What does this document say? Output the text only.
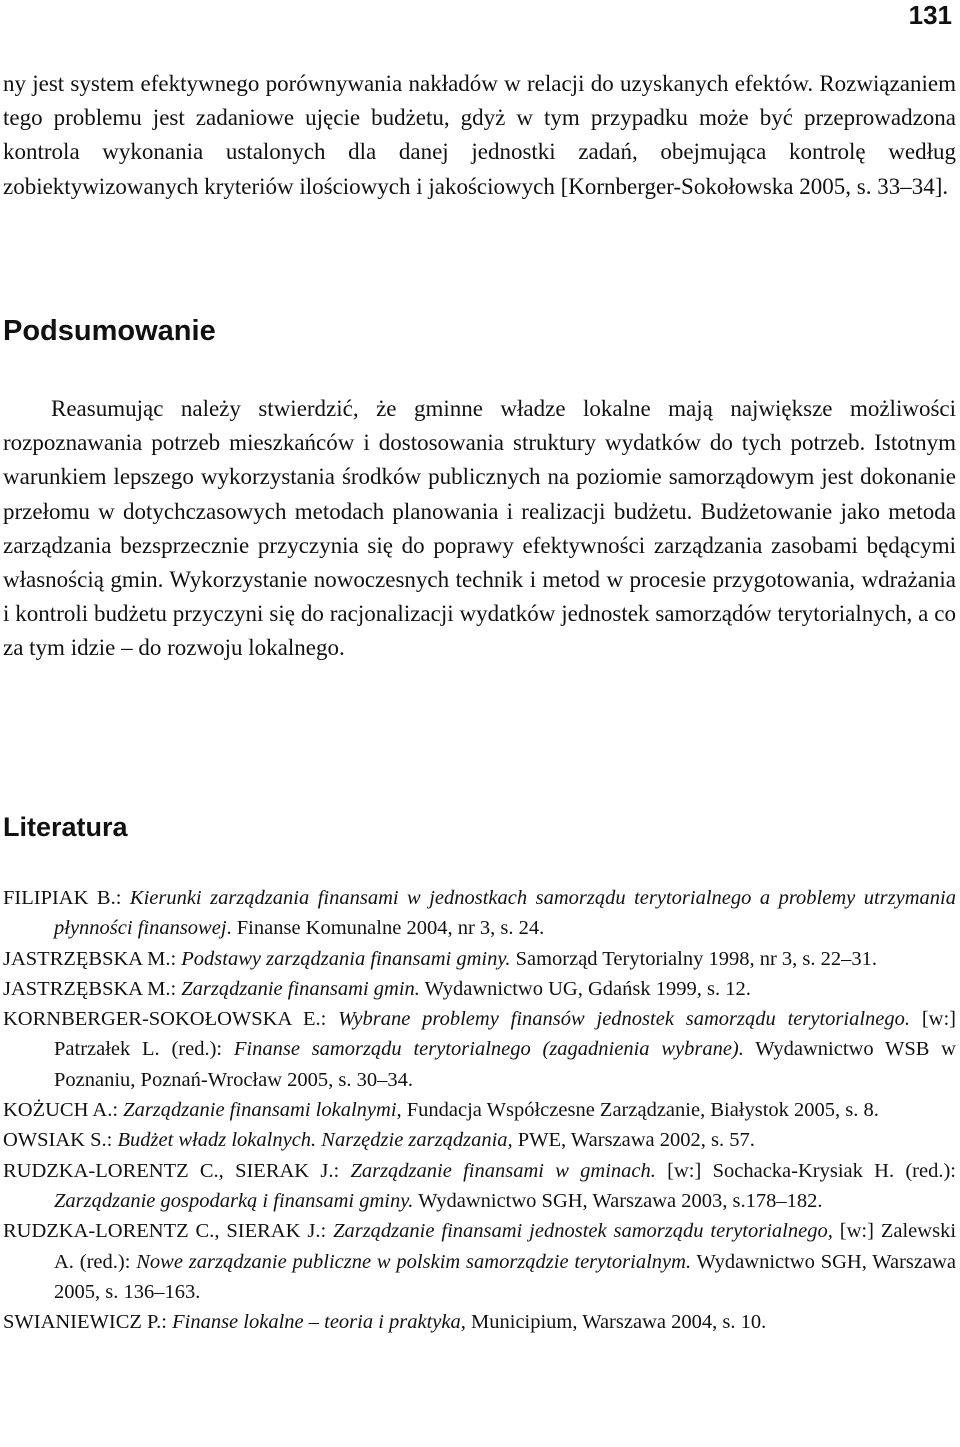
131

ny jest system efektywnego porównywania nakładów w relacji do uzyskanych efektów. Rozwiązaniem tego problemu jest zadaniowe ujęcie budżetu, gdyż w tym przypadku może być przeprowadzona kontrola wykonania ustalonych dla danej jednostki zadań, obejmująca kontrolę według zobiektywizowanych kryteriów ilościowych i jakościowych [Kornberger-Sokołowska 2005, s. 33–34].

Podsumowanie

Reasumując należy stwierdzić, że gminne władze lokalne mają największe możliwości rozpoznawania potrzeb mieszkańców i dostosowania struktury wydatków do tych potrzeb. Istotnym warunkiem lepszego wykorzystania środków publicznych na poziomie samorządowym jest dokonanie przełomu w dotychczasowych metodach planowania i realizacji budżetu. Budżetowanie jako metoda zarządzania bezsprzecznie przyczynia się do poprawy efektywności zarządzania zasobami będącymi własnością gmin. Wykorzystanie nowoczesnych technik i metod w procesie przygotowania, wdrażania i kontroli budżetu przyczyni się do racjonalizacji wydatków jednostek samorządów terytorialnych, a co za tym idzie – do rozwoju lokalnego.

Literatura
FILIPIAK B.: Kierunki zarządzania finansami w jednostkach samorządu terytorialnego a problemy utrzymania płynności finansowej. Finanse Komunalne 2004, nr 3, s. 24.
JASTRZĘBSKA M.: Podstawy zarządzania finansami gminy. Samorząd Terytorialny 1998, nr 3, s. 22–31.
JASTRZĘBSKA M.: Zarządzanie finansami gmin. Wydawnictwo UG, Gdańsk 1999, s. 12.
KORNBERGER-SOKOŁOWSKA E.: Wybrane problemy finansów jednostek samorządu terytorialnego. [w:] Patrzałek L. (red.): Finanse samorządu terytorialnego (zagadnienia wybrane). Wydawnictwo WSB w Poznaniu, Poznań-Wrocław 2005, s. 30–34.
KOŻUCH A.: Zarządzanie finansami lokalnymi, Fundacja Współczesne Zarządzanie, Białystok 2005, s. 8.
OWSIAK S.: Budżet władz lokalnych. Narzędzie zarządzania, PWE, Warszawa 2002, s. 57.
RUDZKA-LORENTZ C., SIERAK J.: Zarządzanie finansami w gminach. [w:] Sochacka-Krysiak H. (red.): Zarządzanie gospodarką i finansami gminy. Wydawnictwo SGH, Warszawa 2003, s.178–182.
RUDZKA-LORENTZ C., SIERAK J.: Zarządzanie finansami jednostek samorządu terytorialnego, [w:] Zalewski A. (red.): Nowe zarządzanie publiczne w polskim samorządzie terytorialnym. Wydawnictwo SGH, Warszawa 2005, s. 136–163.
SWIANIEWICZ P.: Finanse lokalne – teoria i praktyka, Municipium, Warszawa 2004, s. 10.
